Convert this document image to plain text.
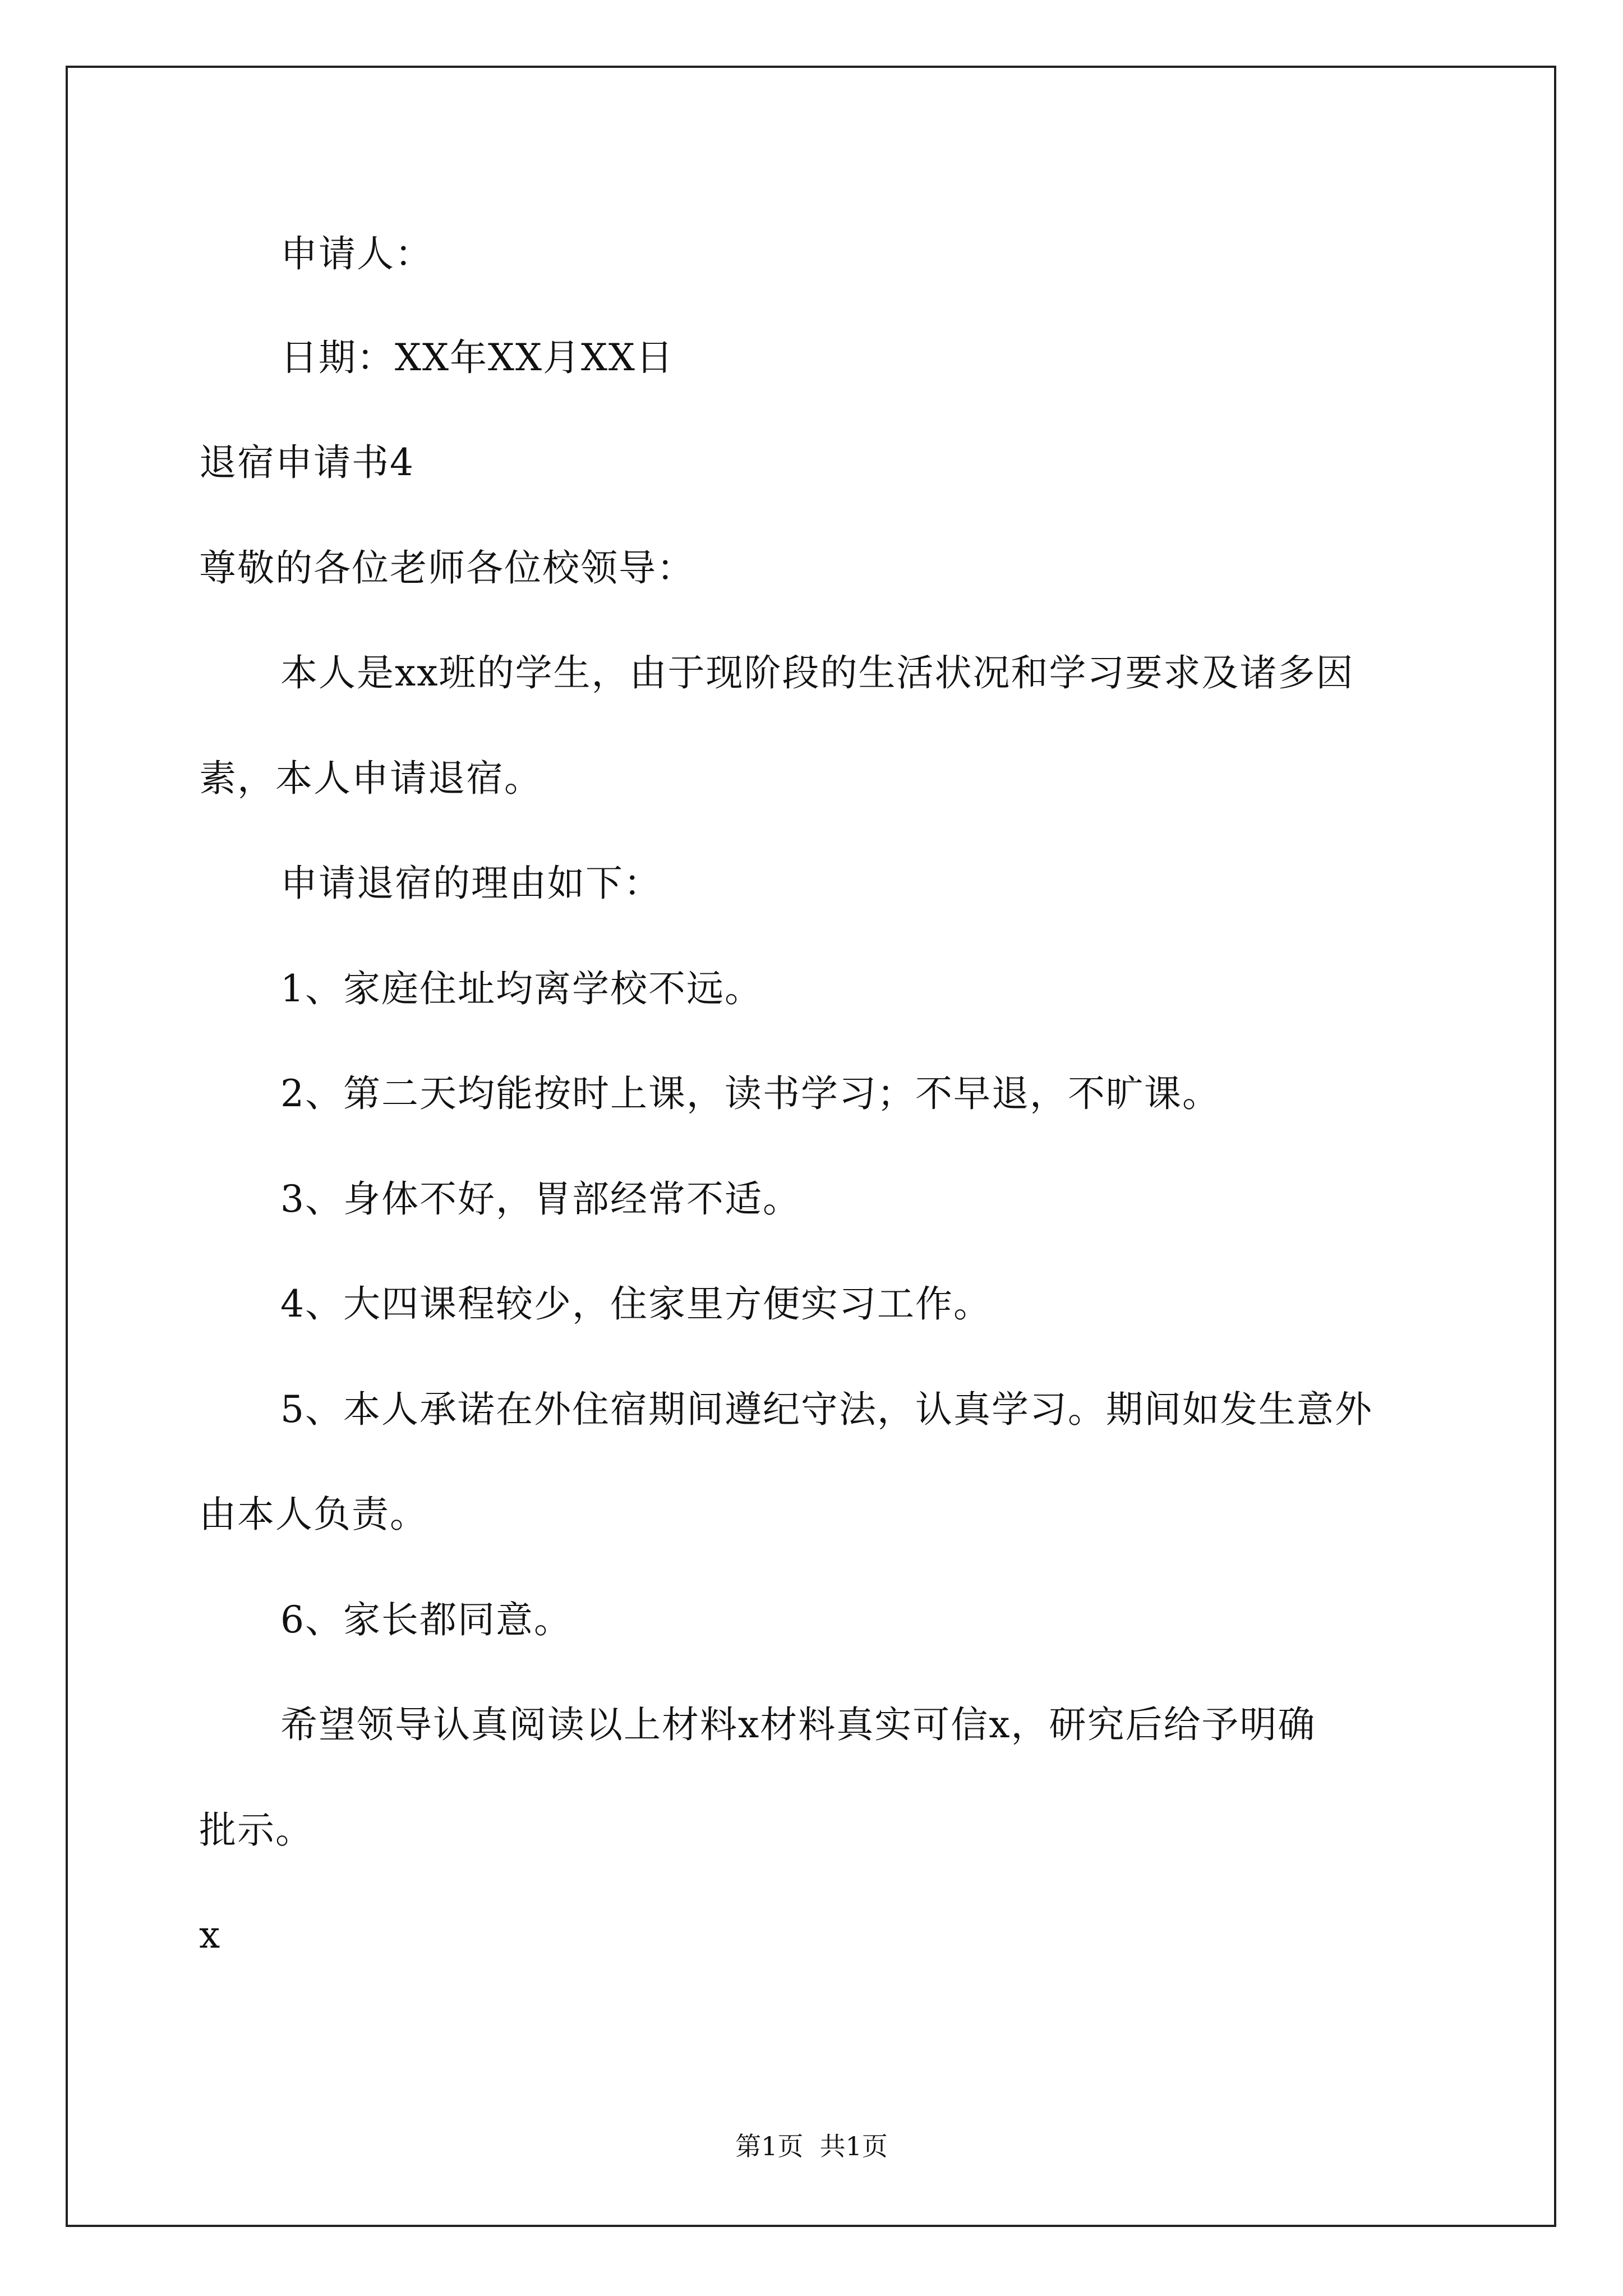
申请人：
日期：XX年XX月XX日
退宿申请书4
尊敬的各位老师各位校领导：
本人是xx班的学生，由于现阶段的生活状况和学习要求及诸多因
素，本人申请退宿。
申请退宿的理由如下：
1、家庭住址均离学校不远。
2、第二天均能按时上课，读书学习；不早退，不旷课。
3、身体不好，胃部经常不适。
4、大四课程较少，住家里方便实习工作。
5、本人承诺在外住宿期间遵纪守法，认真学习。期间如发生意外
由本人负责。
6、家长都同意。
希望领导认真阅读以上材料x材料真实可信x，研究后给予明确
批示。
x
第1页  共1页
